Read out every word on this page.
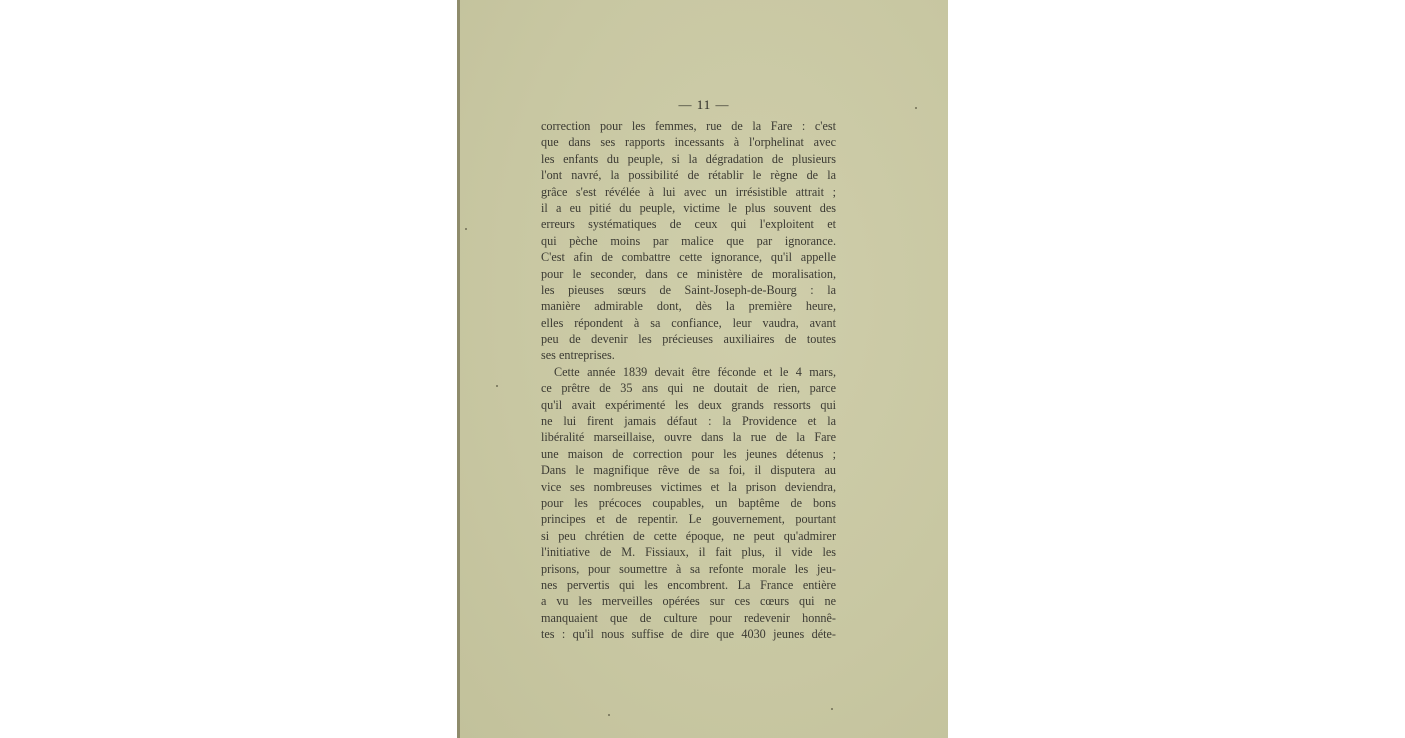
— 11 —
correction pour les femmes, rue de la Fare : c'est
que dans ses rapports incessants à l'orphelinat avec
les enfants du peuple, si la dégradation de plusieurs
l'ont navré, la possibilité de rétablir le règne de la
grâce s'est révélée à lui avec un irrésistible attrait ;
il a eu pitié du peuple, victime le plus souvent des
erreurs systématiques de ceux qui l'exploitent et
qui pèche moins par malice que par ignorance.
C'est afin de combattre cette ignorance, qu'il appelle
pour le seconder, dans ce ministère de moralisation,
les pieuses sœurs de Saint-Joseph-de-Bourg : la
manière admirable dont, dès la première heure,
elles répondent à sa confiance, leur vaudra, avant
peu de devenir les précieuses auxiliaires de toutes
ses entreprises.
Cette année 1839 devait être féconde et le 4 mars,
ce prêtre de 35 ans qui ne doutait de rien, parce
qu'il avait expérimenté les deux grands ressorts qui
ne lui firent jamais défaut : la Providence et la
libéralité marseillaise, ouvre dans la rue de la Fare
une maison de correction pour les jeunes détenus ;
Dans le magnifique rêve de sa foi, il disputera au
vice ses nombreuses victimes et la prison deviendra,
pour les précoces coupables, un baptême de bons
principes et de repentir. Le gouvernement, pourtant
si peu chrétien de cette époque, ne peut qu'admirer
l'initiative de M. Fissiaux, il fait plus, il vide les
prisons, pour soumettre à sa refonte morale les jeu-
nes pervertis qui les encombrent. La France entière
a vu les merveilles opérées sur ces cœurs qui ne
manquaient que de culture pour redevenir honnê-
tes : qu'il nous suffise de dire que 4030 jeunes déte-
